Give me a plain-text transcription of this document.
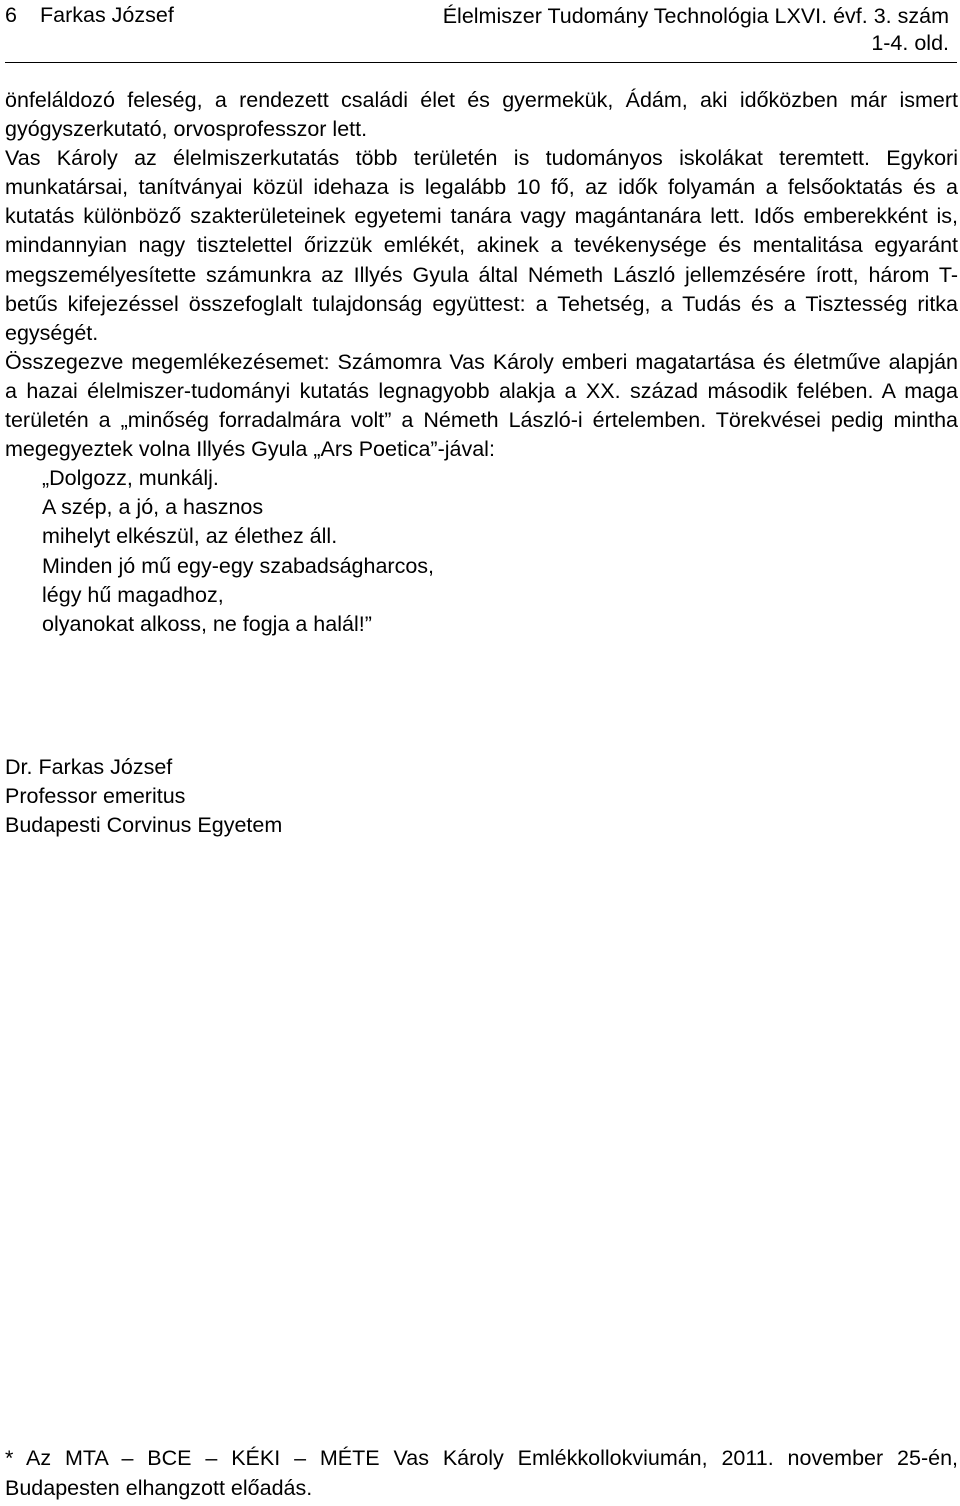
6 Farkas József	Élelmiszer Tudomány Technológia LXVI. évf. 3. szám 1-4. old.

önfeláldozó feleség, a rendezett családi élet és gyermekük, Ádám, aki időközben már ismert gyógyszerkutató, orvosprofesszor lett.

Vas Károly az élelmiszerkutatás több területén is tudományos iskolákat teremtett. Egykori munkatársai, tanítványai közül idehaza is legalább 10 fő, az idők folyamán a felsőoktatás és a kutatás különböző szakterületeinek egyetemi tanára vagy magántanára lett. Idős emberekként is, mindannyian nagy tisztelettel őrizzük emlékét, akinek a tevékenysége és mentalitása egyaránt megszemélyesítette számunkra az Illyés Gyula által Németh László jellemzésére írott, három T-betűs kifejezéssel összefoglalt tulajdonság együttest: a Tehetség, a Tudás és a Tisztesség ritka egységét.

Összegezve megemlékezésemet: Számomra Vas Károly emberi magatartása és életműve alapján a hazai élelmiszer-tudományi kutatás legnagyobb alakja a XX. század második felében. A maga területén a „minőség forradalmára volt” a Németh László-i értelemben. Törekvései pedig mintha megegyeztek volna Illyés Gyula „Ars Poetica”-jával:

„Dolgozz, munkálj.
A szép, a jó, a hasznos
mihelyt elkészül, az élethez áll.
Minden jó mű egy-egy szabadságharcos,
légy hű magadhoz,
olyanokat alkoss, ne fogja a halál!”
Dr. Farkas József
Professor emeritus
Budapesti Corvinus Egyetem
* Az MTA – BCE – KÉKI – MÉTE Vas Károly Emlékkollokviumán, 2011. november 25-én, Budapesten elhangzott előadás.
